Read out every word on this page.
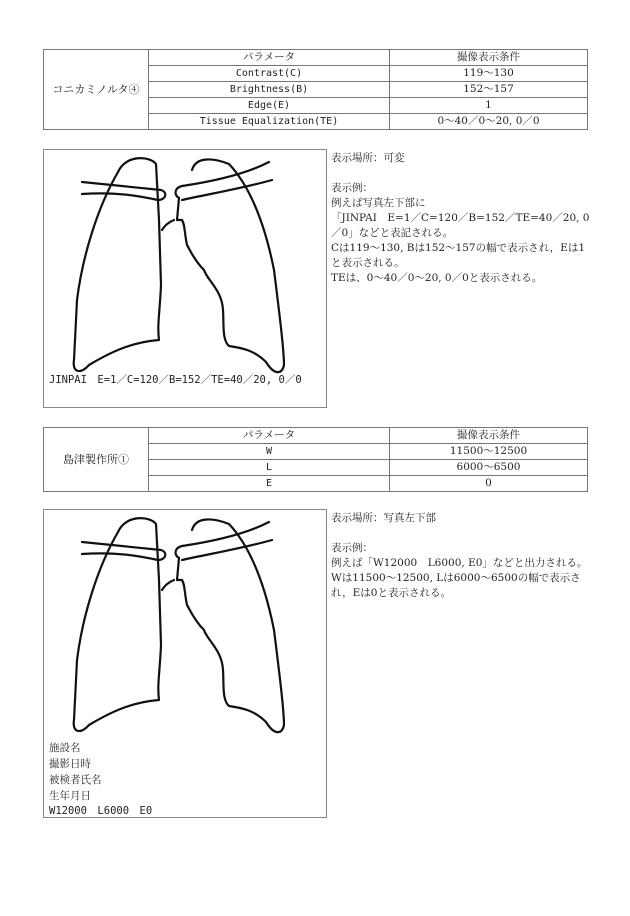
コニカミノルタ④	パラメータ	撮像表示条件
	Contrast(C)	119〜130
	Brightness(B)	152〜157
	Edge(E)	1
	Tissue Equalization(TE)	0〜40／0〜20, 0／0
JINPAI　E=1／C=120／B=152／TE=40／20, 0／0

表示場所：可変

表示例：

例えば写真左下部に

「JINPAI　E=1／C=120／B=152／TE=40／20, 0／0」などと表記される。

Cは119〜130, Bは152〜157の幅で表示され，Eは1と表示される。

TEは、0〜40／0〜20, 0／0と表示される。

島津製作所①	パラメータ	撮像表示条件
	W	11500〜12500
	L	6000〜6500
	E	0
施設名
撮影日時
被検者氏名
生年月日
W12000　L6000　E0

表示場所：写真左下部

表示例：

例えば「W12000　L6000, E0」などと出力される。

Wは11500〜12500, Lは6000〜6500の幅で表示され，Eは0と表示される。
